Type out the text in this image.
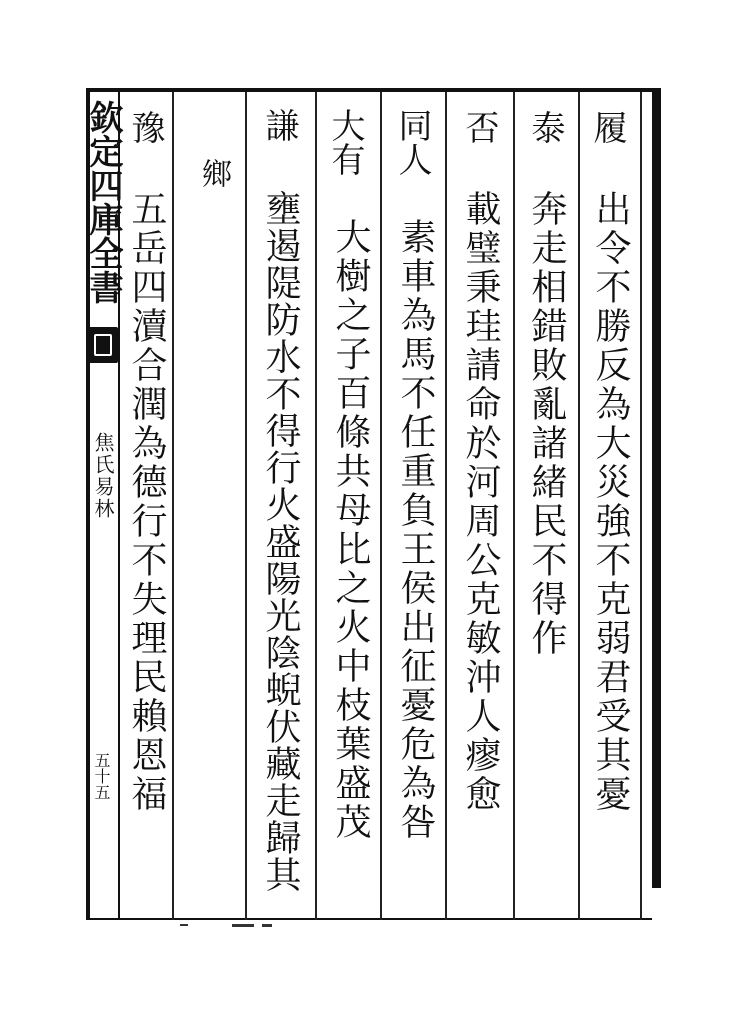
欽定四庫全書
焦氏易林
五十五
履
出令不勝反為大災強不克弱君受其憂
泰
奔走相錯敗亂諸緒民不得作
否
載璧秉珪請命於河周公克敏沖人瘳愈
同人
素車為馬不任重負王侯出征憂危為咎
大有
大樹之子百條共母比之火中枝葉盛茂
謙
壅遏隄防水不得行火盛陽光陰蜺伏藏走歸其
鄉
豫
五岳四瀆合潤為德行不失理民賴恩福
